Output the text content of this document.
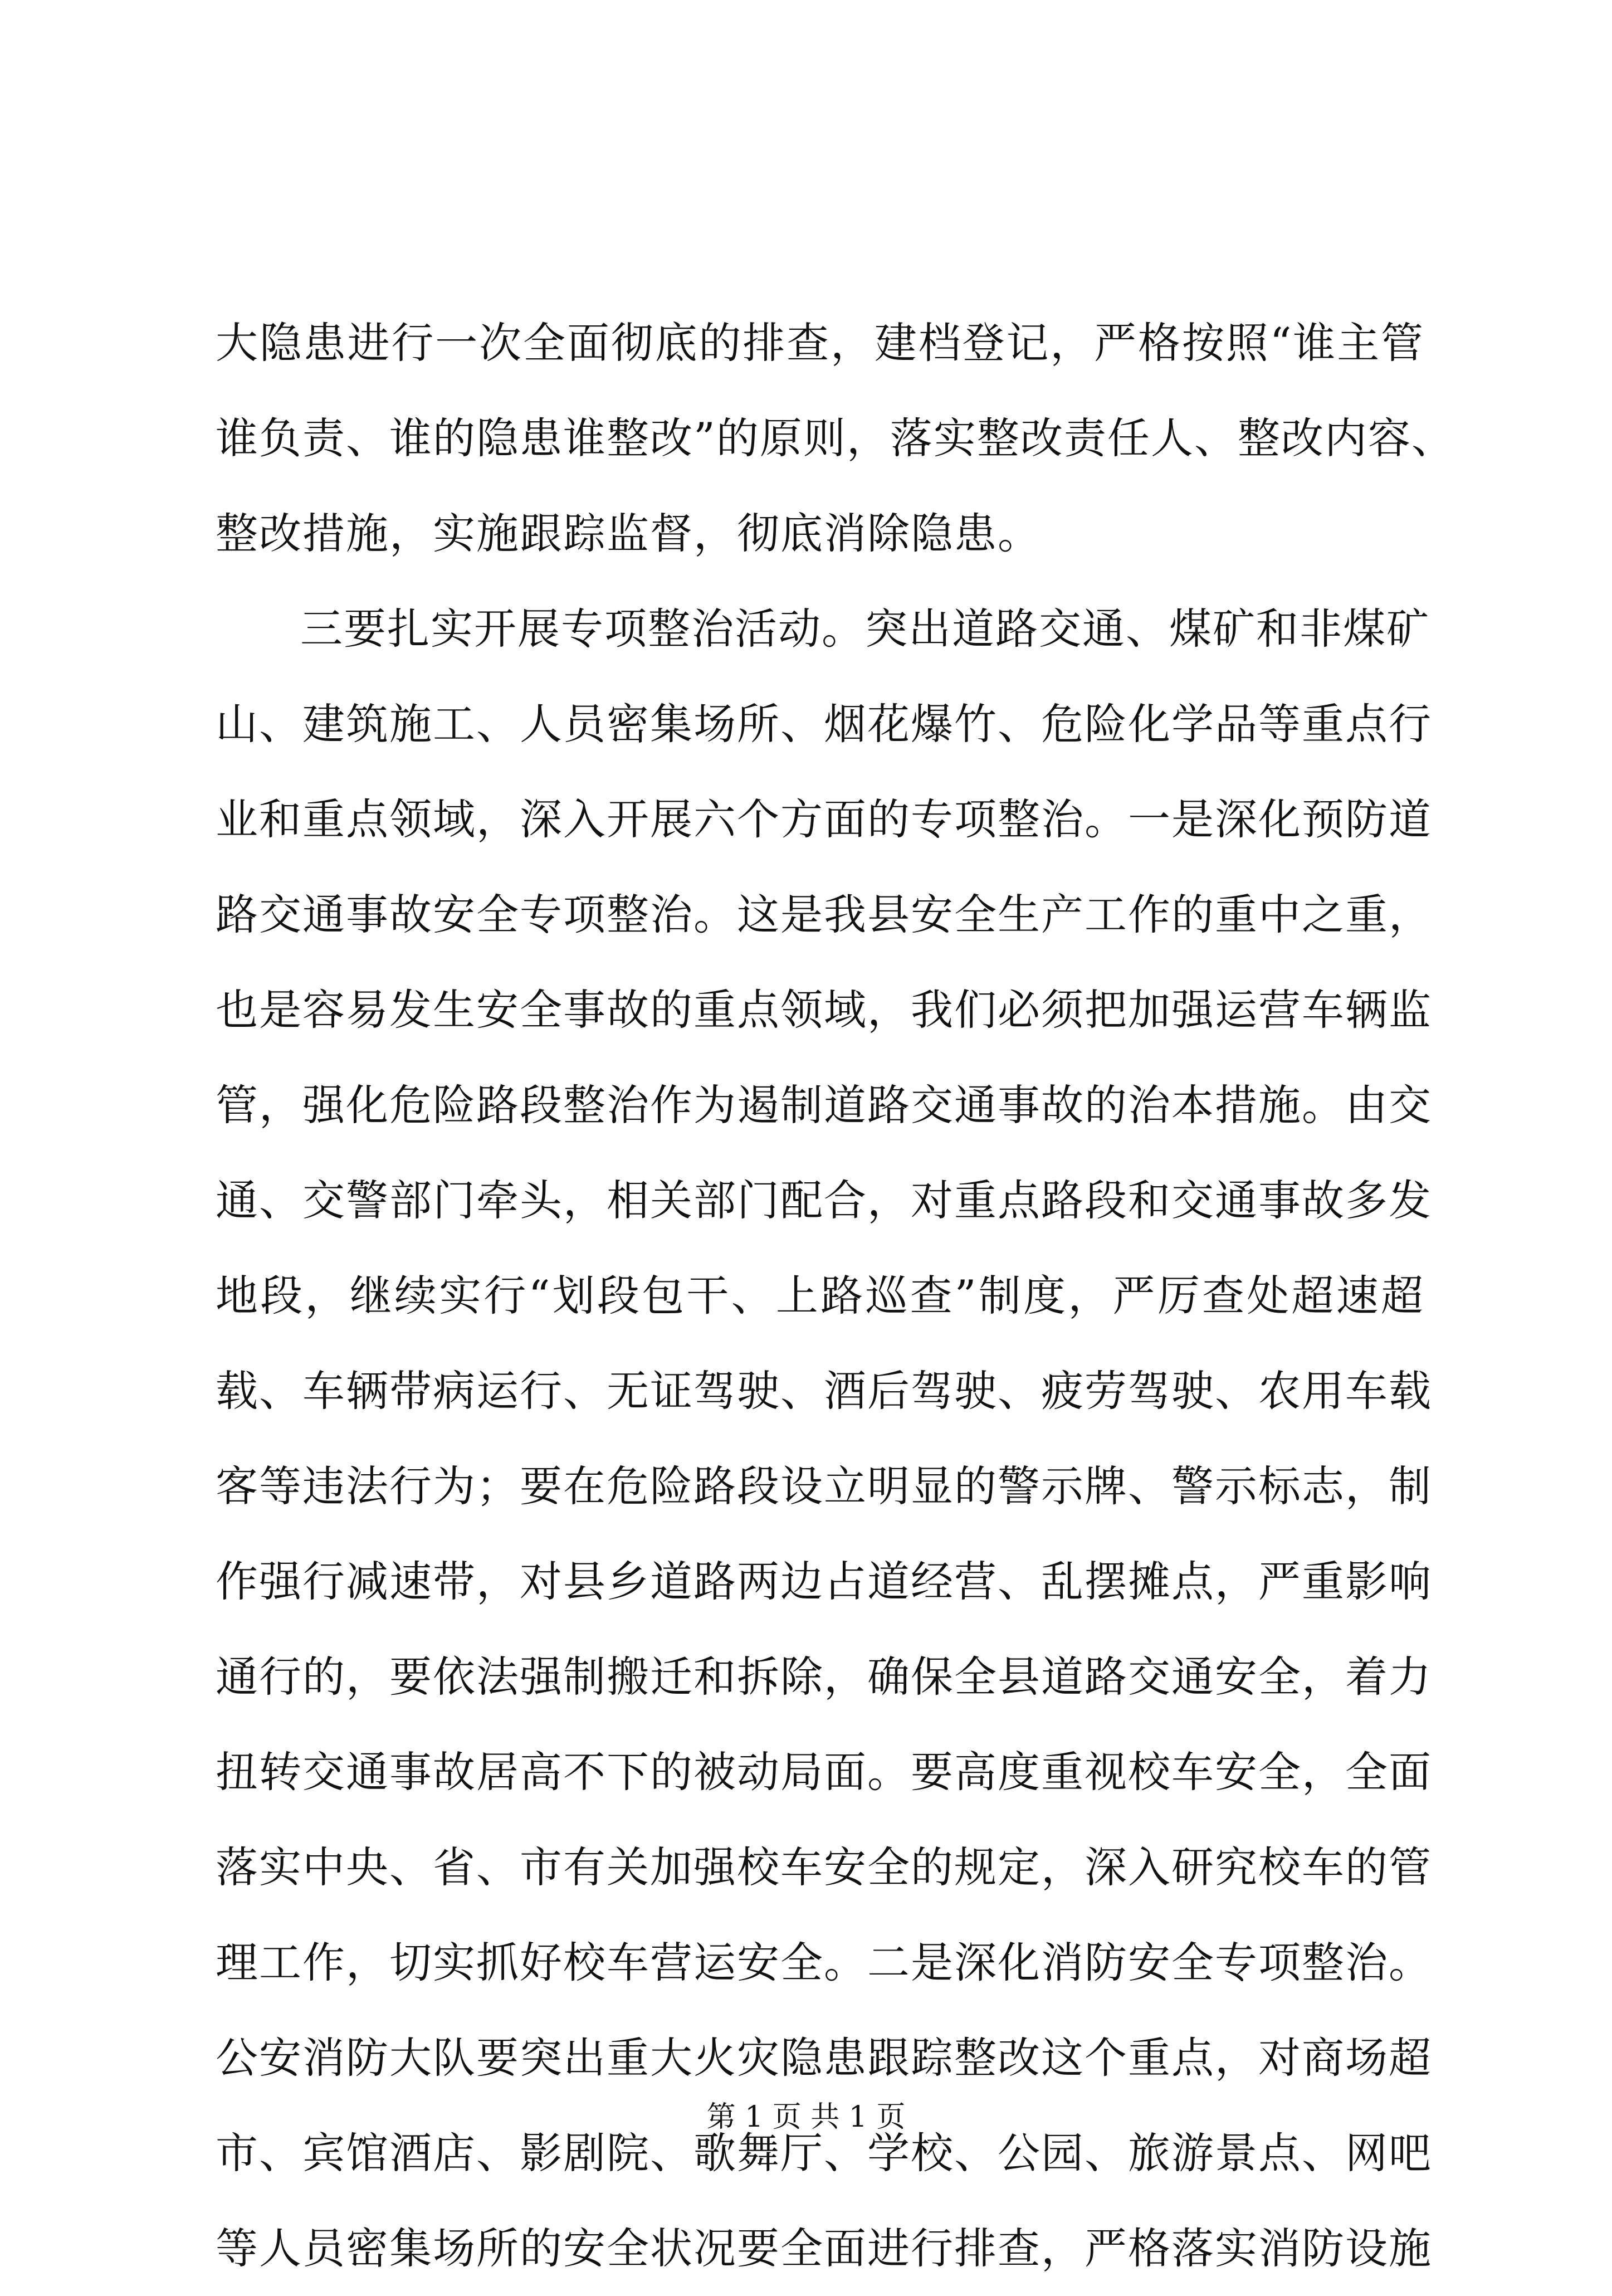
大隐患进行一次全面彻底的排查，建档登记，严格按照“谁主管
谁负责、谁的隐患谁整改”的原则，落实整改责任人、整改内容、
整改措施，实施跟踪监督，彻底消除隐患。
三要扎实开展专项整治活动。突出道路交通、煤矿和非煤矿
山、建筑施工、人员密集场所、烟花爆竹、危险化学品等重点行
业和重点领域，深入开展六个方面的专项整治。一是深化预防道
路交通事故安全专项整治。这是我县安全生产工作的重中之重，
也是容易发生安全事故的重点领域，我们必须把加强运营车辆监
管，强化危险路段整治作为遏制道路交通事故的治本措施。由交
通、交警部门牵头，相关部门配合，对重点路段和交通事故多发
地段，继续实行“划段包干、上路巡查”制度，严厉查处超速超
载、车辆带病运行、无证驾驶、酒后驾驶、疲劳驾驶、农用车载
客等违法行为；要在危险路段设立明显的警示牌、警示标志，制
作强行减速带，对县乡道路两边占道经营、乱摆摊点，严重影响
通行的，要依法强制搬迁和拆除，确保全县道路交通安全，着力
扭转交通事故居高不下的被动局面。要高度重视校车安全，全面
落实中央、省、市有关加强校车安全的规定，深入研究校车的管
理工作，切实抓好校车营运安全。二是深化消防安全专项整治。
公安消防大队要突出重大火灾隐患跟踪整改这个重点，对商场超
市、宾馆酒店、影剧院、歌舞厅、学校、公园、旅游景点、网吧
等人员密集场所的安全状况要全面进行排查，严格落实消防设施
第 1 页 共 1 页
